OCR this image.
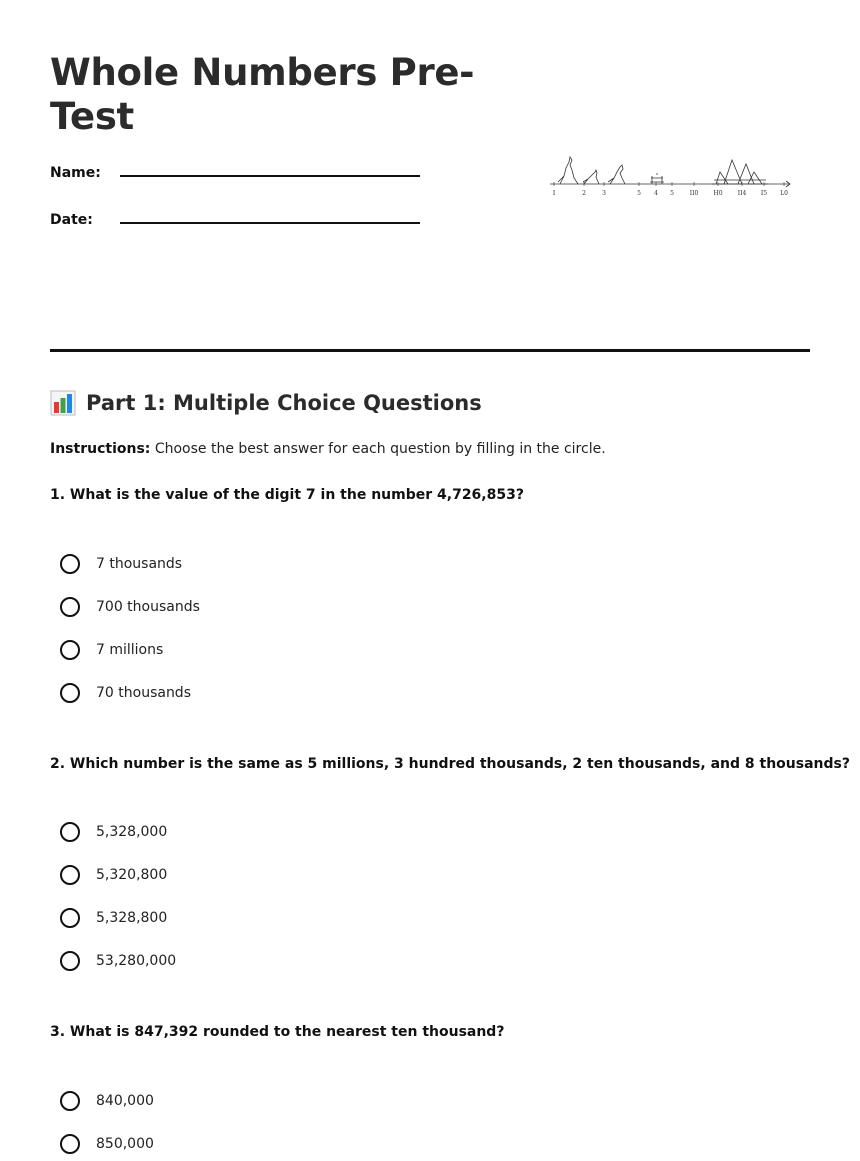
Whole Numbers Pre-Test
Name:
Date:
I	2	3	5 4 5	II0	H0	II4 I5 L0
Part 1: Multiple Choice Questions
Instructions: Choose the best answer for each question by filling in the circle.
1. What is the value of the digit 7 in the number 4,726,853?
7 thousands
700 thousands
7 millions
70 thousands
2. Which number is the same as 5 millions, 3 hundred thousands, 2 ten thousands, and 8 thousands?
5,328,000
5,320,800
5,328,800
53,280,000
3. What is 847,392 rounded to the nearest ten thousand?
840,000
850,000
